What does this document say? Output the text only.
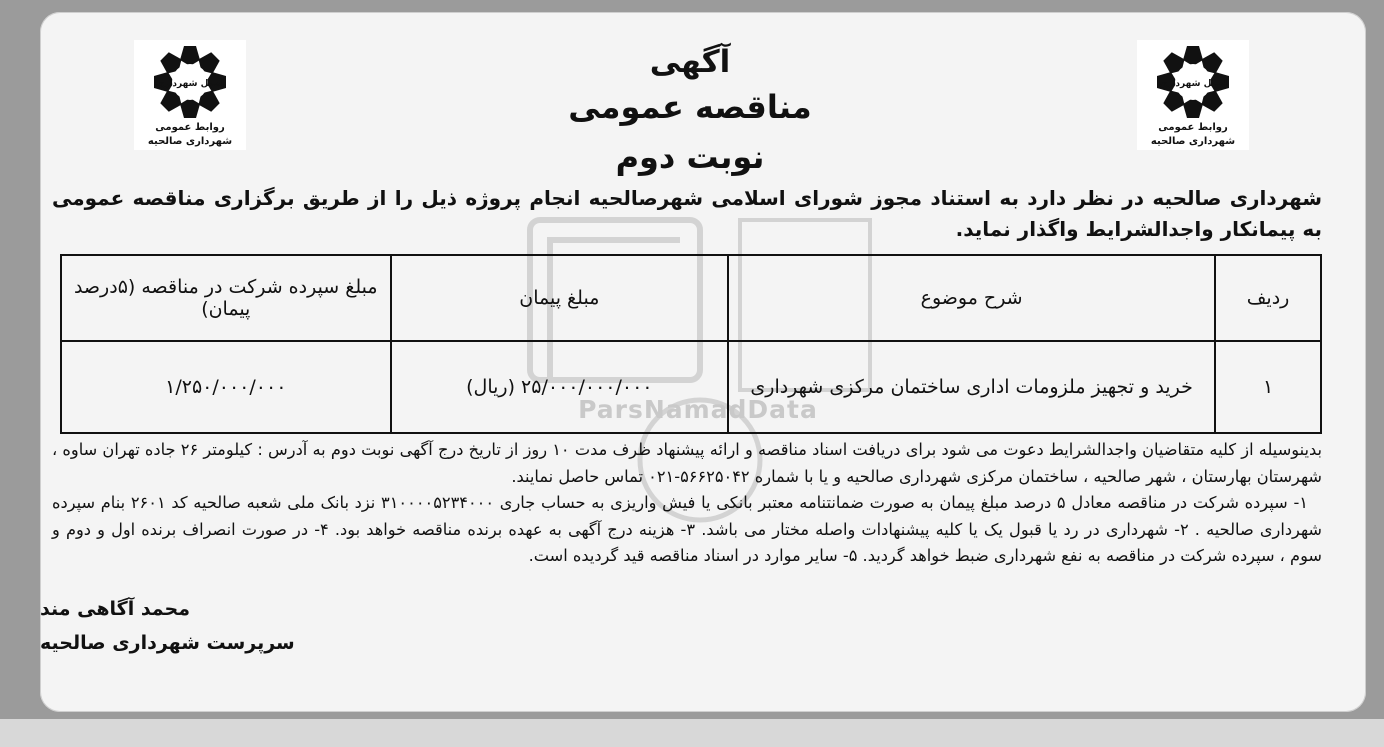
ParsNamadData
اصیل شهرداری
روابط عمومی
شهرداری صالحیه
اصیل شهرداری
روابط عمومی
شهرداری صالحیه
آگهی
مناقصه عمومی
نوبت دوم
شهرداری صالحیه در نظر دارد به استناد مجوز شورای اسلامی شهرصالحیه انجام پروژه ذیل را از طریق برگزاری مناقصه عمومی به پیمانکار واجدالشرایط واگذار نماید.
ردیف	شرح موضوع	مبلغ پیمان	مبلغ سپرده شرکت در مناقصه (۵درصد پیمان)
۱	خرید و تجهیز ملزومات اداری ساختمان مرکزی شهرداری	۲۵/۰۰۰/۰۰۰/۰۰۰ (ریال)	۱/۲۵۰/۰۰۰/۰۰۰
بدینوسیله از کلیه متقاضیان واجدالشرایط دعوت می شود برای دریافت اسناد مناقصه و ارائه پیشنهاد ظرف مدت ۱۰ روز از تاریخ درج آگهی نوبت دوم به آدرس : کیلومتر ۲۶ جاده تهران ساوه ، شهرستان بهارستان ، شهر صالحیه ، ساختمان مرکزی شهرداری صالحیه و یا با شماره ۵۶۶۲۵۰۴۲-۰۲۱ تماس حاصل نمایند.
۱- سپرده شرکت در مناقصه معادل ۵ درصد مبلغ پیمان به صورت ضمانتنامه معتبر بانکی یا فیش واریزی به حساب جاری ۳۱۰۰۰۰۵۲۳۴۰۰۰ نزد بانک ملی شعبه صالحیه کد ۲۶۰۱ بنام سپرده شهرداری صالحیه . ۲- شهرداری در رد یا قبول یک یا کلیه پیشنهادات واصله مختار می باشد. ۳- هزینه درج آگهی به عهده برنده مناقصه خواهد بود. ۴- در صورت انصراف برنده اول و دوم و سوم ، سپرده شرکت در مناقصه به نفع شهرداری ضبط خواهد گردید. ۵- سایر موارد در اسناد مناقصه قید گردیده است.
محمد آگاهی مند
سرپرست شهرداری صالحیه
